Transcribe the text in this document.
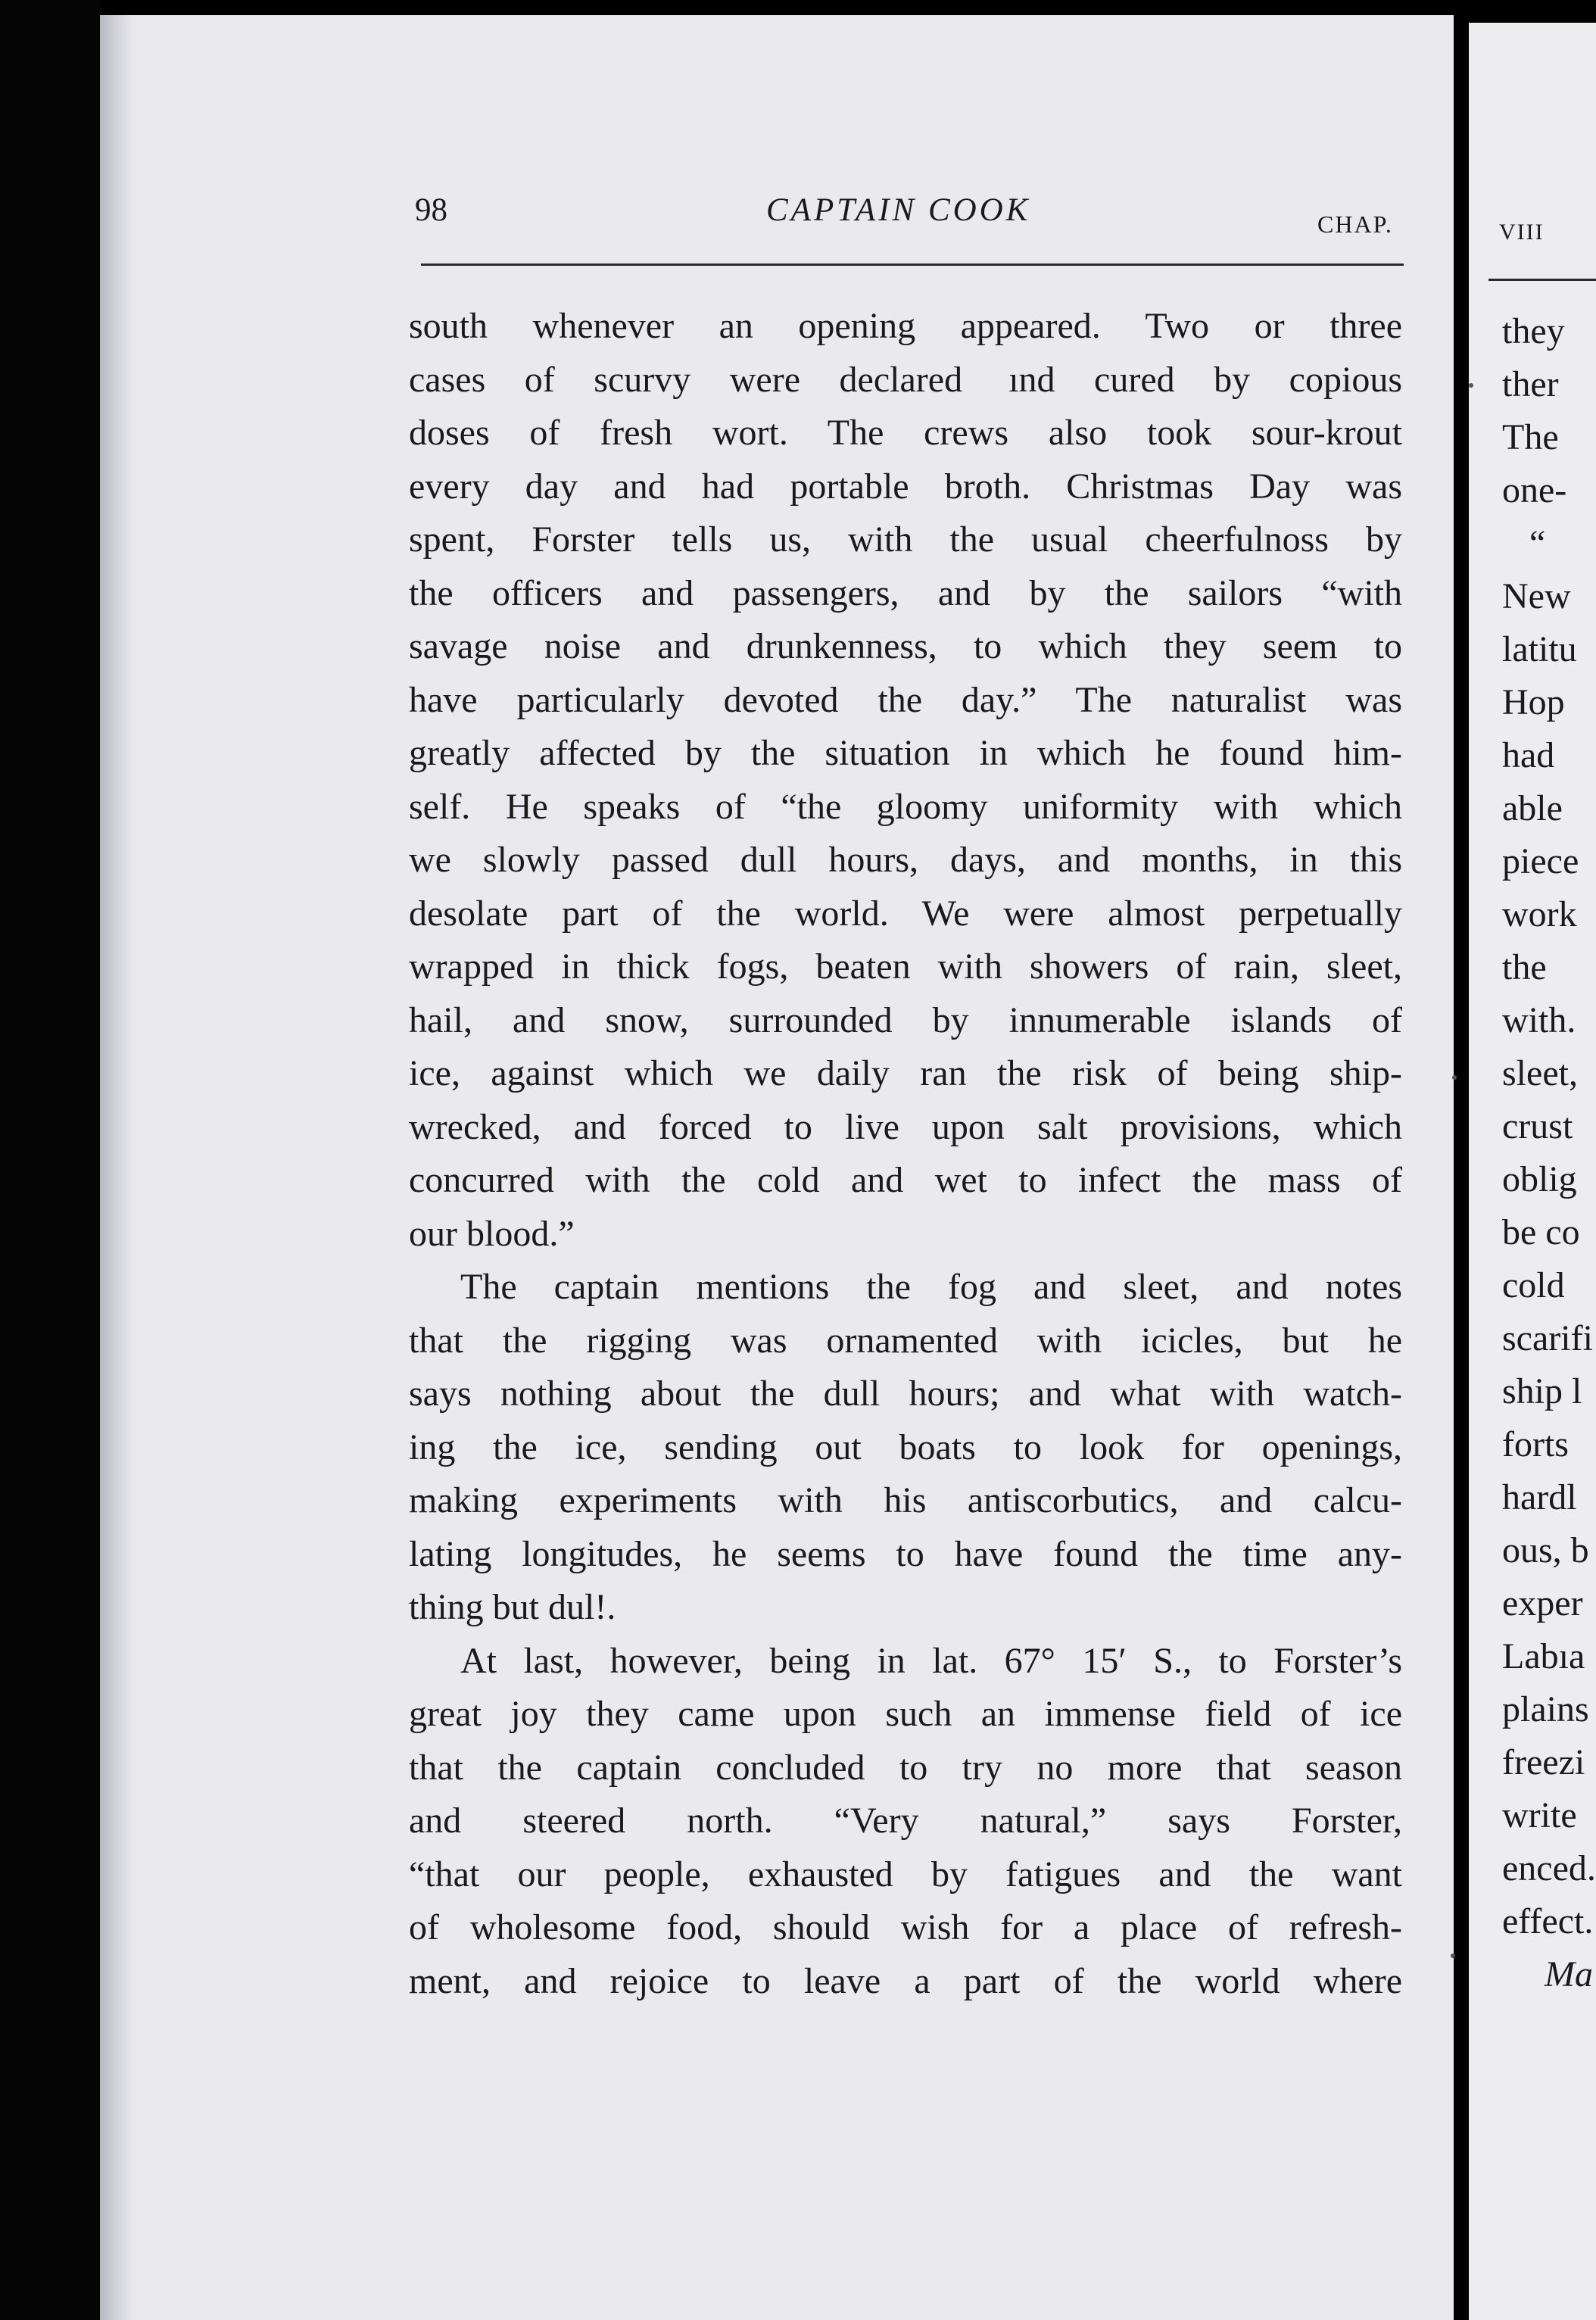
98	CAPTAIN COOK	CHAP.
south whenever an opening appeared. Two or three
cases of scurvy were declared  ınd cured by copious
doses of fresh wort. The crews also took sour-krout
every day and had portable broth. Christmas Day was
spent, Forster tells us, with the usual cheerfulnoss by
the officers and passengers, and by the sailors “with
savage noise and drunkenness, to which they seem to
have particularly devoted the day.” The naturalist was
greatly affected by the situation in which he found him-
self. He speaks of “the gloomy uniformity with which
we slowly passed dull hours, days, and months, in this
desolate part of the world. We were almost perpetually
wrapped in thick fogs, beaten with showers of rain, sleet,
hail, and snow, surrounded by innumerable islands of
ice, against which we daily ran the risk of being ship-
wrecked, and forced to live upon salt provisions, which
concurred with the cold and wet to infect the mass of
our blood.”
The captain mentions the fog and sleet, and notes
that the rigging was ornamented with icicles, but he
says nothing about the dull hours; and what with watch-
ing the ice, sending out boats to look for openings,
making experiments with his antiscorbutics, and calcu-
lating longitudes, he seems to have found the time any-
thing but dul!.
At last, however, being in lat. 67° 15′ S., to Forster’s
great joy they came upon such an immense field of ice
that the captain concluded to try no more that season
and steered north. “Very natural,” says Forster,
“that our people, exhausted by fatigues and the want
of wholesome food, should wish for a place of refresh-
ment, and rejoice to leave a part of the world where
VIII
they
ther
The
one-
“
New
latitu
Hop
had
able
piece
work
the
with.
sleet,
crust
oblig
be co
cold
scarifi
ship l
forts
hardl
ous, b
exper
Labıa
plains
freezi
write
enced.
effect.
Ma
